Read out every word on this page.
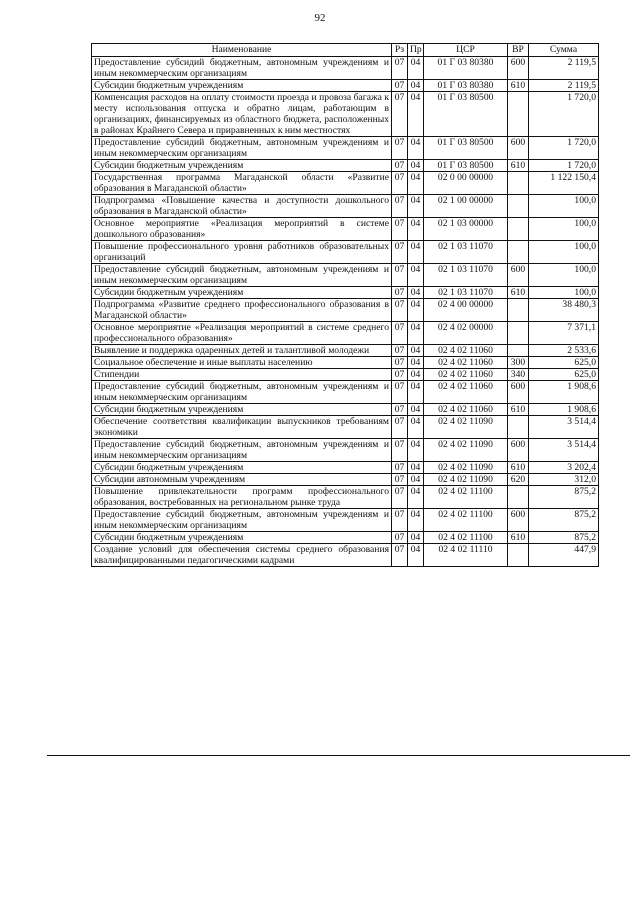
92
Наименование	Рз	Пр	ЦСР	ВР	Сумма
Предоставление субсидий бюджетным, автономным учреждениям и иным некоммерческим организациям	07	04	01 Г 03 80380	600	2 119,5
Субсидии бюджетным учреждениям	07	04	01 Г 03 80380	610	2 119,5
Компенсация расходов на оплату стоимости проезда и провоза багажа к месту использования отпуска и обратно лицам, работающим в организациях, финансируемых из областного бюджета, расположенных в районах Крайнего Севера и приравненных к ним местностях	07	04	01 Г 03 80500		1 720,0
Предоставление субсидий бюджетным, автономным учреждениям и иным некоммерческим организациям	07	04	01 Г 03 80500	600	1 720,0
Субсидии бюджетным учреждениям	07	04	01 Г 03 80500	610	1 720,0
Государственная программа Магаданской области «Развитие образования в Магаданской области»	07	04	02 0 00 00000		1 122 150,4
Подпрограмма «Повышение качества и доступности дошкольного образования в Магаданской области»	07	04	02 1 00 00000		100,0
Основное мероприятие «Реализация мероприятий в системе дошкольного образования»	07	04	02 1 03 00000		100,0
Повышение профессионального уровня работников образовательных организаций	07	04	02 1 03 11070		100,0
Предоставление субсидий бюджетным, автономным учреждениям и иным некоммерческим организациям	07	04	02 1 03 11070	600	100,0
Субсидии бюджетным учреждениям	07	04	02 1 03 11070	610	100,0
Подпрограмма «Развитие среднего профессионального образования в Магаданской области»	07	04	02 4 00 00000		38 480,3
Основное мероприятие «Реализация мероприятий в системе среднего профессионального образования»	07	04	02 4 02 00000		7 371,1
Выявление и поддержка одаренных детей и талантливой молодежи	07	04	02 4 02 11060		2 533,6
Социальное обеспечение и иные выплаты населению	07	04	02 4 02 11060	300	625,0
Стипендии	07	04	02 4 02 11060	340	625,0
Предоставление субсидий бюджетным, автономным учреждениям и иным некоммерческим организациям	07	04	02 4 02 11060	600	1 908,6
Субсидии бюджетным учреждениям	07	04	02 4 02 11060	610	1 908,6
Обеспечение соответствия квалификации выпускников требованиям экономики	07	04	02 4 02 11090		3 514,4
Предоставление субсидий бюджетным, автономным учреждениям и иным некоммерческим организациям	07	04	02 4 02 11090	600	3 514,4
Субсидии бюджетным учреждениям	07	04	02 4 02 11090	610	3 202,4
Субсидии автономным учреждениям	07	04	02 4 02 11090	620	312,0
Повышение привлекательности программ профессионального образования, востребованных на региональном рынке труда	07	04	02 4 02 11100		875,2
Предоставление субсидий бюджетным, автономным учреждениям и иным некоммерческим организациям	07	04	02 4 02 11100	600	875,2
Субсидии бюджетным учреждениям	07	04	02 4 02 11100	610	875,2
Создание условий для обеспечения системы среднего образования квалифицированными педагогическими кадрами	07	04	02 4 02 11110		447,9
